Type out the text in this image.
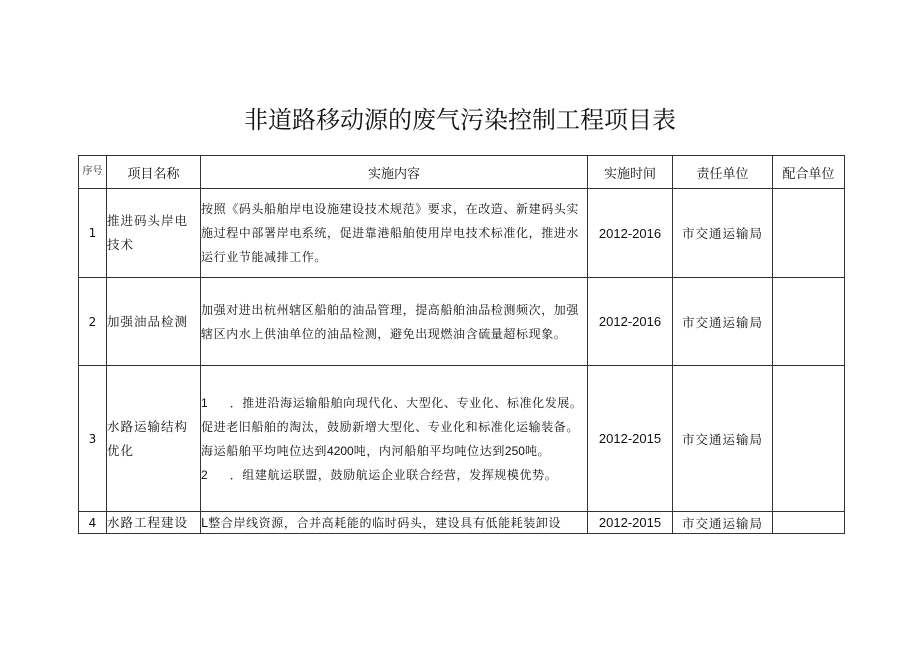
非道路移动源的废气污染控制工程项目表
序号	项目名称	实施内容	实施时间	责任单位	配合单位
1	推进码头岸电技术	按照《码头船舶岸电设施建设技术规范》要求，在改造、新建码头实施过程中部署岸电系统，促进靠港船舶使用岸电技术标准化，推进水运行业节能减排工作。	2012-2016	市交通运输局	
2	加强油品检测	加强对进出杭州辖区船舶的油品管理，提高船舶油品检测频次，加强辖区内水上供油单位的油品检测，避免出现燃油含硫量超标现象。	2012-2016	市交通运输局	
3	水路运输结构优化	1 ．推进沿海运输船舶向现代化、大型化、专业化、标准化发展。促进老旧船舶的淘汰，鼓励新增大型化、专业化和标准化运输装备。海运船舶平均吨位达到4200吨，内河船舶平均吨位达到250吨。
2 ．组建航运联盟，鼓励航运企业联合经营，发挥规模优势。	2012-2015	市交通运输局	
4	水路工程建设	L整合岸线资源，合并高耗能的临时码头，建设具有低能耗装卸设	2012-2015	市交通运输局	
